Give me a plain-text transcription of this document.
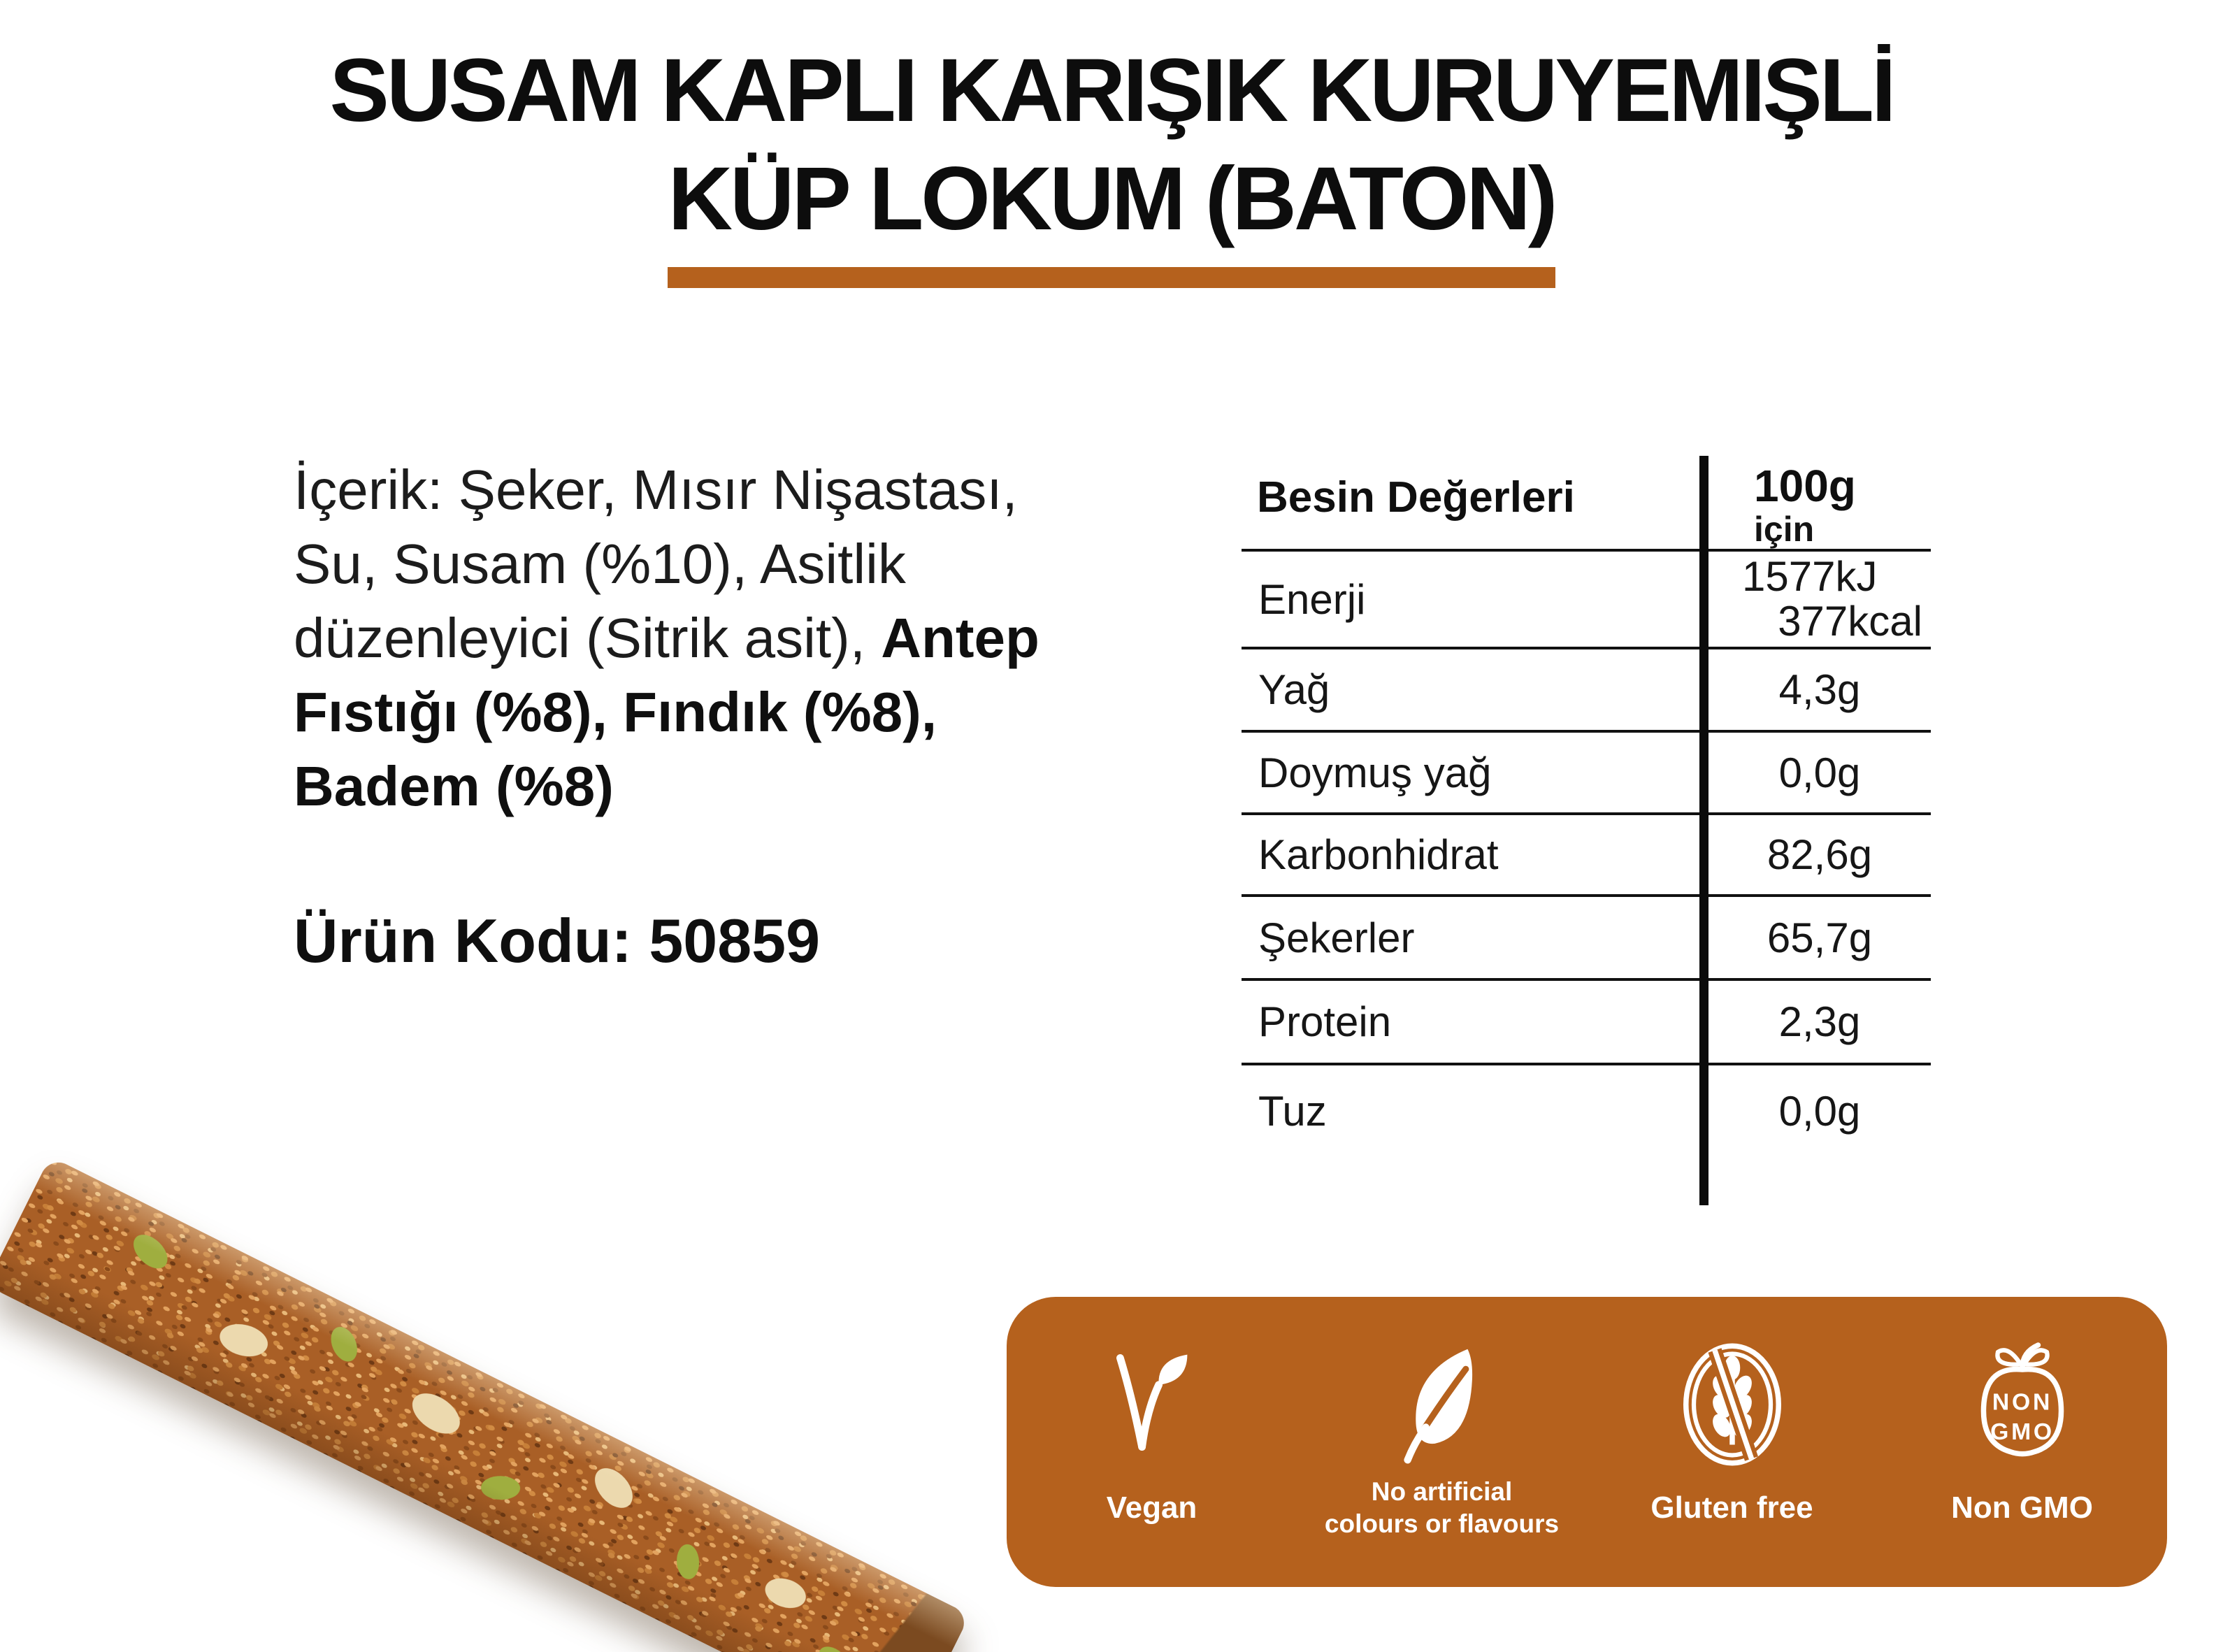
SUSAM KAPLI KARIŞIK KURUYEMIŞLİ
KÜP LOKUM (BATON)
İçerik: Şeker, Mısır Nişastası,
Su, Susam (%10), Asitlik
düzenleyici (Sitrik asit), Antep
Fıstığı (%8), Fındık (%8),
Badem (%8)
Ürün Kodu: 50859
Besin Değerleri	100g
için
Enerji	1577kJ
377kcal
Yağ	4,3g
Doymuş yağ	0,0g
Karbonhidrat	82,6g
Şekerler	65,7g
Protein	2,3g
Tuz	0,0g
Vegan	No artificial colours or flavours	Gluten free
NON
GMO
Non GMO
